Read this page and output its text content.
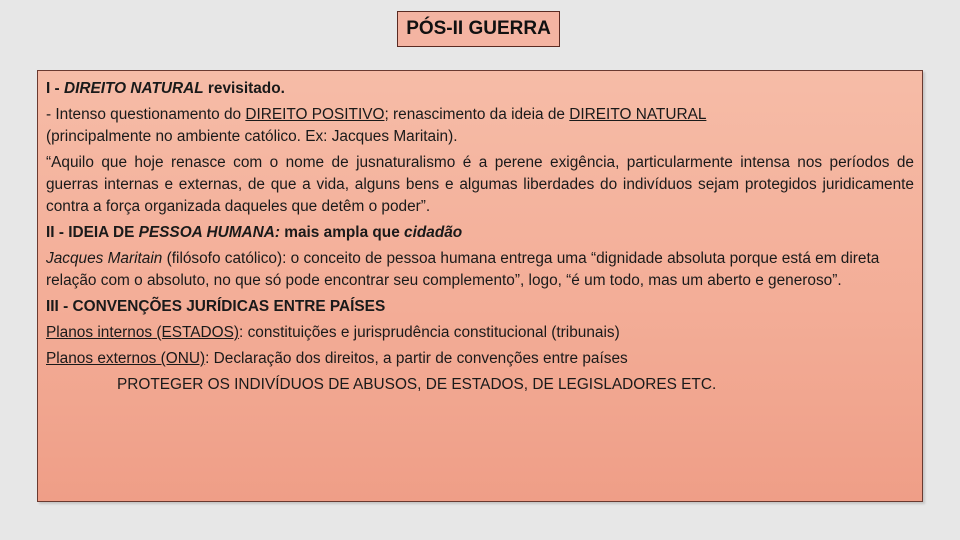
PÓS-II GUERRA

I - DIREITO NATURAL revisitado.

- Intenso questionamento do DIREITO POSITIVO; renascimento da ideia de DIREITO NATURAL
(principalmente no ambiente católico. Ex: Jacques Maritain).

“Aquilo que hoje renasce com o nome de jusnaturalismo é a perene exigência, particularmente intensa nos períodos de guerras internas e externas, de que a vida, alguns bens e algumas liberdades do indivíduos sejam protegidos juridicamente contra a força organizada daqueles que detêm o poder”.

II - IDEIA DE PESSOA HUMANA: mais ampla que cidadão

Jacques Maritain (filósofo católico): o conceito de pessoa humana entrega uma “dignidade absoluta porque está em direta relação com o absoluto, no que só pode encontrar seu complemento”, logo, “é um todo, mas um aberto e generoso”.

III - CONVENÇÕES JURÍDICAS ENTRE PAÍSES

Planos internos (ESTADOS): constituições e jurisprudência constitucional (tribunais)

Planos externos (ONU): Declaração dos direitos, a partir de convenções entre países

PROTEGER OS INDIVÍDUOS DE ABUSOS, DE ESTADOS, DE LEGISLADORES ETC.
